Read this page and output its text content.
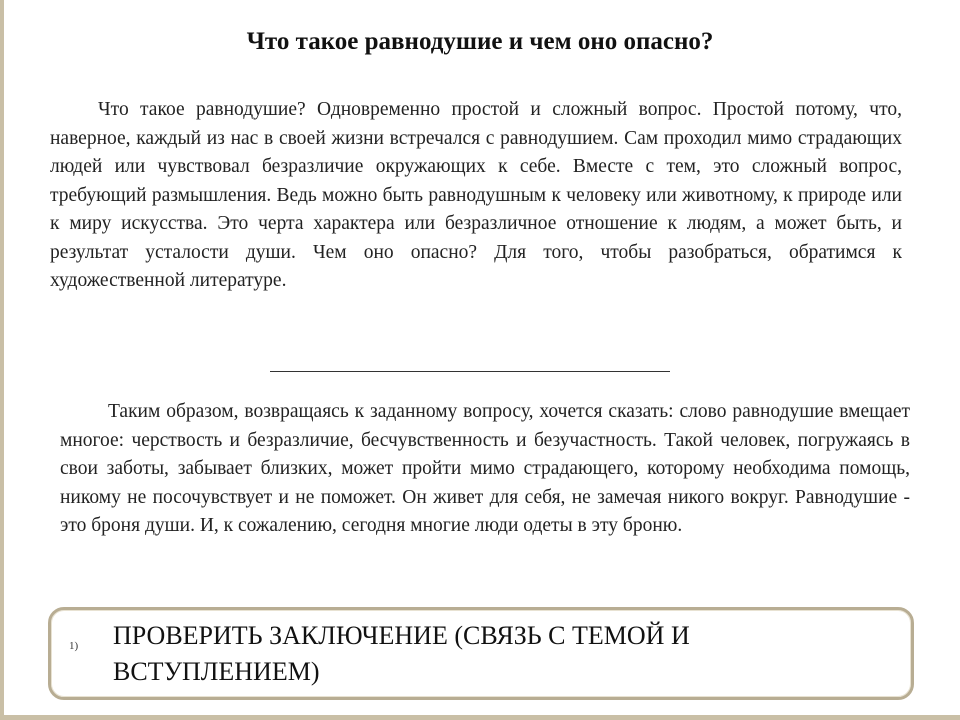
Что такое равнодушие и чем оно опасно?

Что такое равнодушие? Одновременно простой и сложный вопрос. Простой потому, что, наверное, каждый из нас в своей жизни встречался с равнодушием. Сам проходил мимо страдающих людей или чувствовал безразличие окружающих к себе. Вместе с тем, это сложный вопрос, требующий размышления. Ведь можно быть равнодушным к человеку или животному, к природе или к миру искусства. Это черта характера или безразличное отношение к людям, а может быть, и результат усталости души. Чем оно опасно? Для того, чтобы разобраться, обратимся к художественной литературе.

Таким образом, возвращаясь к заданному вопросу, хочется сказать: слово равнодушие вмещает многое: черствость и безразличие, бесчувственность и безучастность. Такой человек, погружаясь в свои заботы, забывает близких, может пройти мимо страдающего, которому необходима помощь, никому не посочувствует и не поможет. Он живет для себя, не замечая никого вокруг. Равнодушие - это броня души. И, к сожалению, сегодня многие люди одеты в эту броню.

1) ПРОВЕРИТЬ ЗАКЛЮЧЕНИЕ (СВЯЗЬ С ТЕМОЙ И ВСТУПЛЕНИЕМ)
